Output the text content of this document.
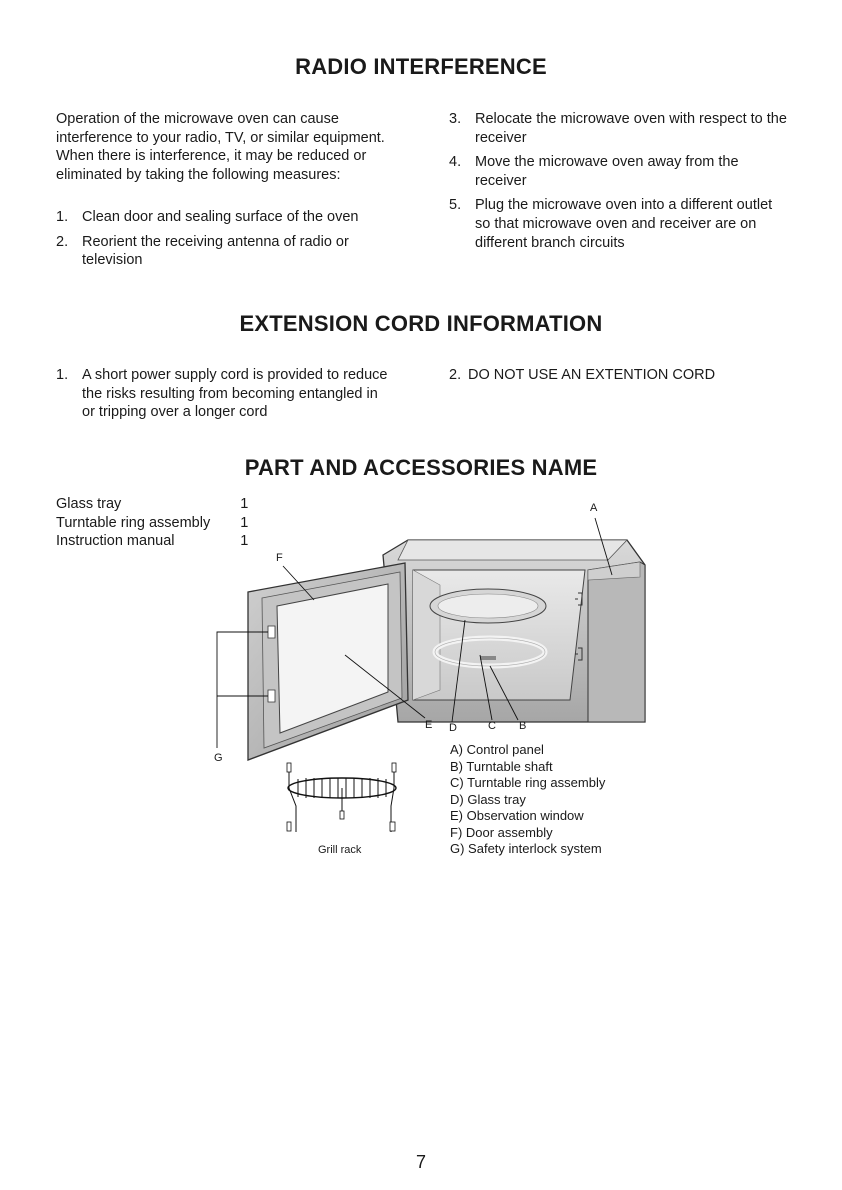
RADIO INTERFERENCE

Operation of the microwave oven can cause interference to your radio, TV, or similar equipment. When there is interference, it may be reduced or eliminated by taking the following measures:

1. Clean door and sealing surface of the oven
2. Reorient the receiving antenna of radio or television
3. Relocate the microwave oven with respect to the receiver
4. Move the microwave oven away from the receiver
5. Plug the microwave oven into a different outlet so that microwave oven and receiver are on different branch circuits
EXTENSION CORD INFORMATION
1. A short power supply cord is provided to reduce the risks resulting from becoming entangled in or tripping over a longer cord
2. DO NOT USE AN EXTENTION CORD
PART AND ACCESSORIES NAME
Glass tray	1
Turntable ring assembly	1
Instruction manual	1
A
F
E D	C B
G
A) Control panel
B) Turntable shaft
C) Turntable ring assembly
D) Glass tray
E) Observation window
F) Door assembly
G) Safety interlock system
Grill rack
7
